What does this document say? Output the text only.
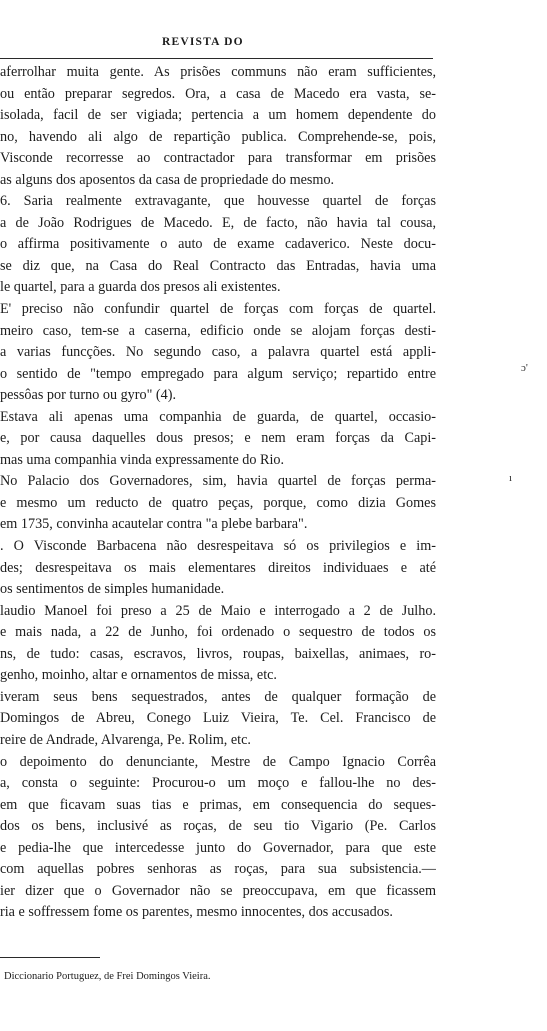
REVISTA DO
aferrolhar muita gente. As prisões communs não eram sufficientes,
ou então preparar segredos. Ora, a casa de Macedo era vasta, se-
isolada, facil de ser vigiada; pertencia a um homem dependente do
no, havendo ali algo de repartição publica. Comprehende-se, pois,
Visconde recorresse ao contractador para transformar em prisões
as alguns dos aposentos da casa de propriedade do mesmo.
6. Saria realmente extravagante, que houvesse quartel de forças
a de João Rodrigues de Macedo. E, de facto, não havia tal cousa,
o affirma positivamente o auto de exame cadaverico. Neste docu-
se diz que, na Casa do Real Contracto das Entradas, havia uma
le quartel, para a guarda dos presos ali existentes.
E' preciso não confundir quartel de forças com forças de quartel.
meiro caso, tem-se a caserna, edificio onde se alojam forças desti-
a varias funcções. No segundo caso, a palavra quartel está appli-
o sentido de "tempo empregado para algum serviço; repartido entre
pessôas por turno ou gyro" (4).
Estava ali apenas uma companhia de guarda, de quartel, occasio-
e, por causa daquelles dous presos; e nem eram forças da Capi-
mas uma companhia vinda expressamente do Rio.
No Palacio dos Governadores, sim, havia quartel de forças perma-
e mesmo um reducto de quatro peças, porque, como dizia Gomes
em 1735, convinha acautelar contra "a plebe barbara".
. O Visconde Barbacena não desrespeitava só os privilegios e im-
des; desrespeitava os mais elementares direitos individuaes e até
os sentimentos de simples humanidade.
laudio Manoel foi preso a 25 de Maio e interrogado a 2 de Julho.
e mais nada, a 22 de Junho, foi ordenado o sequestro de todos os
ns, de tudo: casas, escravos, livros, roupas, baixellas, animaes, ro-
genho, moinho, altar e ornamentos de missa, etc.
iveram seus bens sequestrados, antes de qualquer formação de
Domingos de Abreu, Conego Luiz Vieira, Te. Cel. Francisco de
reire de Andrade, Alvarenga, Pe. Rolim, etc.
o depoimento do denunciante, Mestre de Campo Ignacio Corrêa
a, consta o seguinte: Procurou-o um moço e fallou-lhe no des-
em que ficavam suas tias e primas, em consequencia do seques-
dos os bens, inclusivé as roças, de seu tio Vigario (Pe. Carlos
e pedia-lhe que intercedesse junto do Governador, para que este
com aquellas pobres senhoras as roças, para sua subsistencia.—
ier dizer que o Governador não se preoccupava, em que ficassem
ria e soffressem fome os parentes, mesmo innocentes, dos accusados.
Diccionario Portuguez, de Frei Domingos Vieira.
ɔ'
ı
